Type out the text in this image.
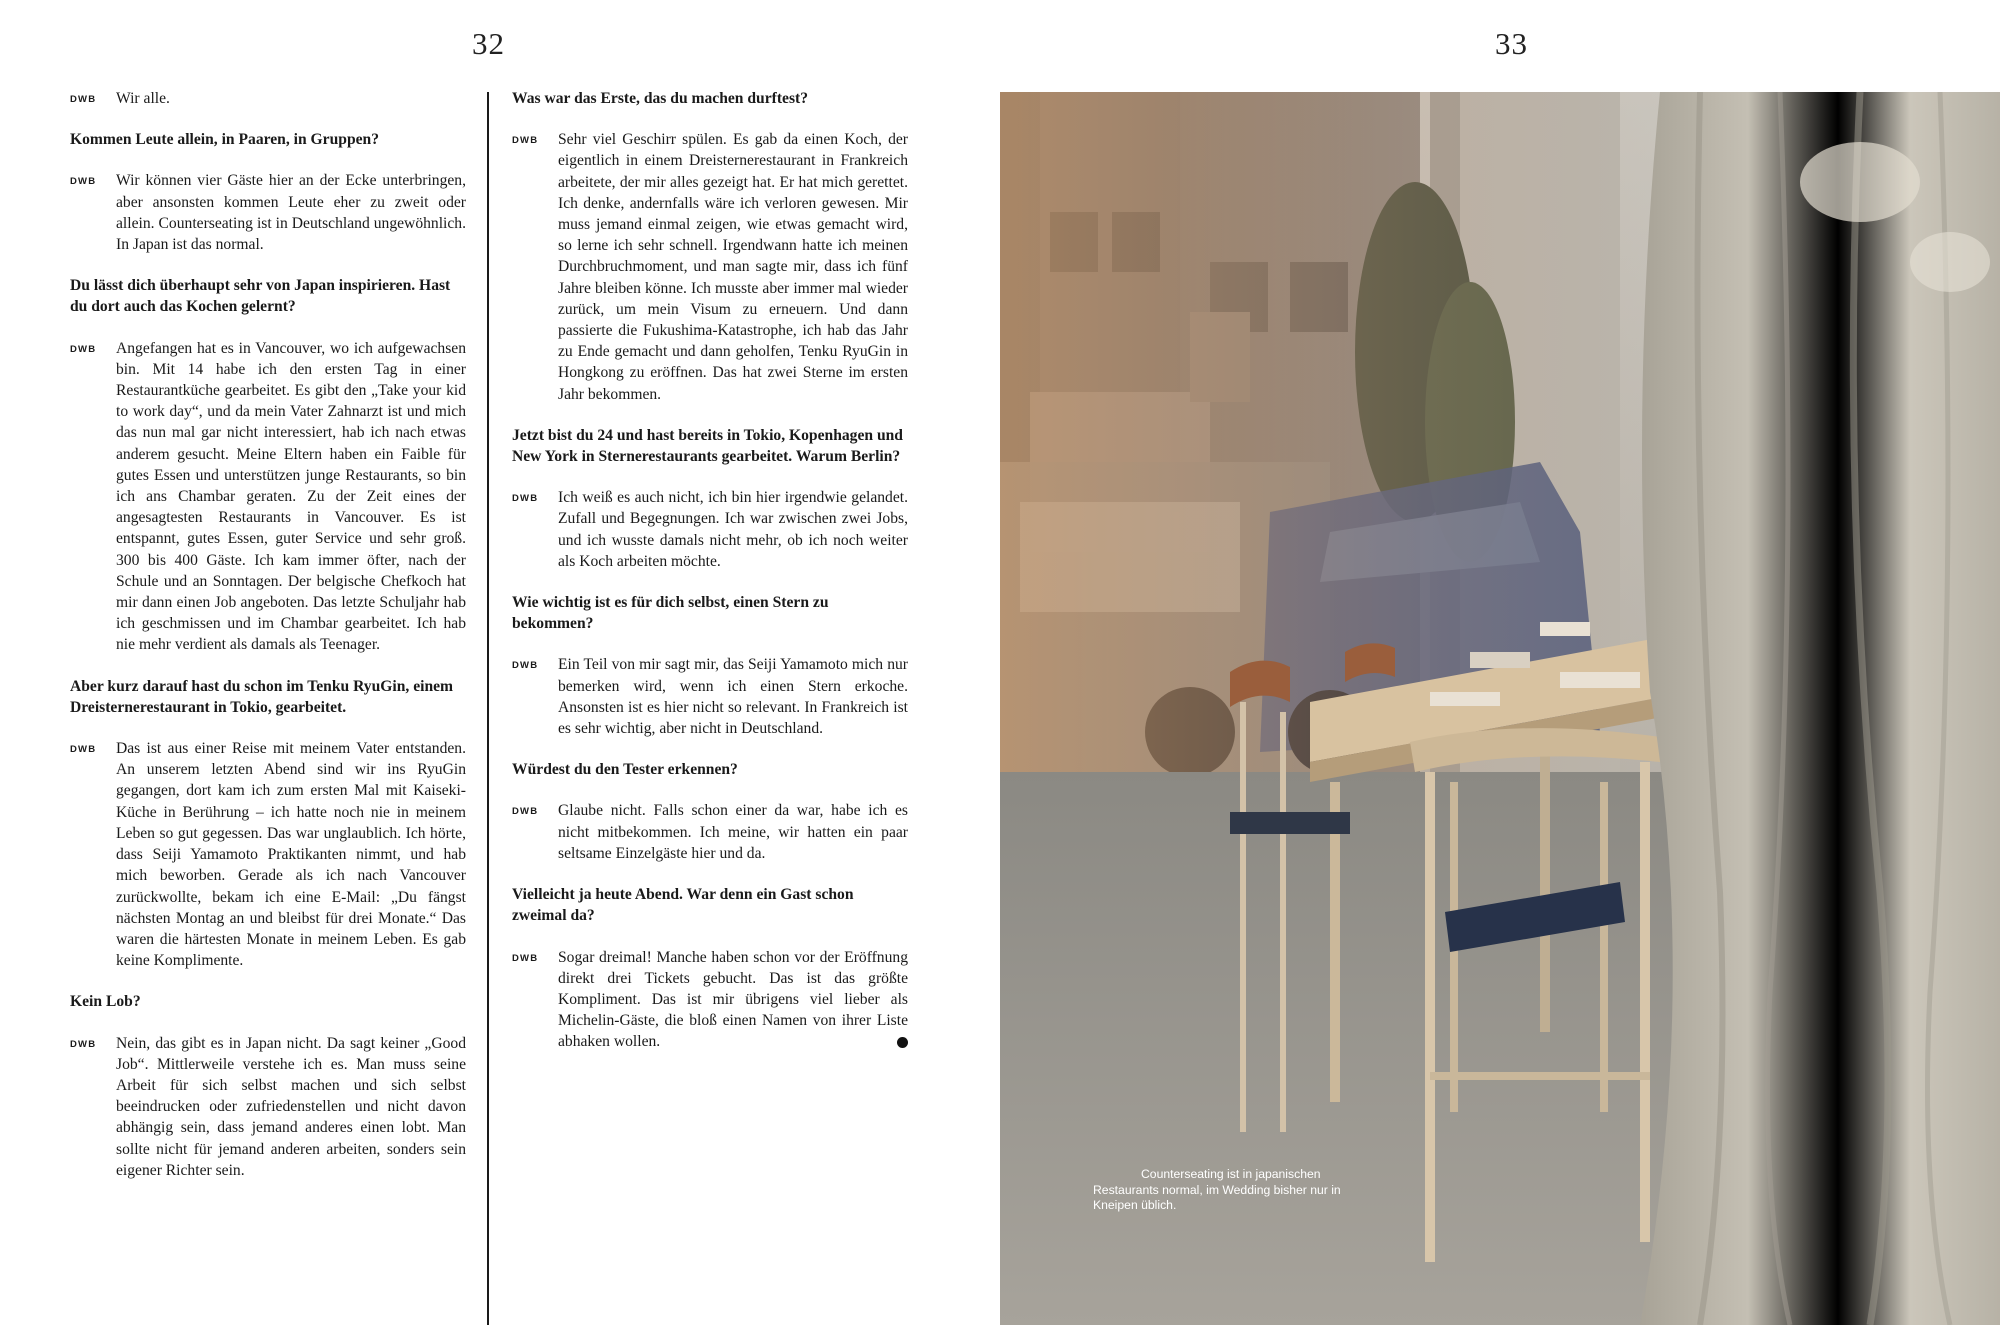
32	33
DWB Wir alle.
Kommen Leute allein, in Paaren, in Gruppen?
DWB Wir können vier Gäste hier an der Ecke unterbringen, aber ansonsten kommen Leute eher zu zweit oder allein. Counterseating ist in Deutschland ungewöhnlich. In Japan ist das normal.
Du lässt dich überhaupt sehr von Japan inspirieren. Hast du dort auch das Kochen gelernt?
DWB Angefangen hat es in Vancouver, wo ich aufgewachsen bin. Mit 14 habe ich den ersten Tag in einer Restaurantküche gearbeitet. Es gibt den „Take your kid to work day“, und da mein Vater Zahnarzt ist und mich das nun mal gar nicht interessiert, hab ich nach etwas anderem gesucht. Meine Eltern haben ein Faible für gutes Essen und unterstützen junge Restaurants, so bin ich ans Chambar geraten. Zu der Zeit eines der angesagtesten Restaurants in Vancouver. Es ist entspannt, gutes Essen, guter Service und sehr groß. 300 bis 400 Gäste. Ich kam immer öfter, nach der Schule und an Sonntagen. Der belgische Chefkoch hat mir dann einen Job angeboten. Das letzte Schuljahr hab ich geschmissen und im Chambar gearbeitet. Ich hab nie mehr verdient als damals als Teenager.
Aber kurz darauf hast du schon im Tenku RyuGin, einem Dreisternerestaurant in Tokio, gearbeitet.
DWB Das ist aus einer Reise mit meinem Vater entstanden. An unserem letzten Abend sind wir ins RyuGin gegangen, dort kam ich zum ersten Mal mit Kaiseki-Küche in Berührung – ich hatte noch nie in meinem Leben so gut gegessen. Das war unglaublich. Ich hörte, dass Seiji Yamamoto Praktikanten nimmt, und hab mich beworben. Gerade als ich nach Vancouver zurückwollte, bekam ich eine E-Mail: „Du fängst nächsten Montag an und bleibst für drei Monate.“ Das waren die härtesten Monate in meinem Leben. Es gab keine Komplimente.
Kein Lob?
DWB Nein, das gibt es in Japan nicht. Da sagt keiner „Good Job“. Mittlerweile verstehe ich es. Man muss seine Arbeit für sich selbst machen und sich selbst beeindrucken oder zufriedenstellen und nicht davon abhängig sein, dass jemand anderes einen lobt. Man sollte nicht für jemand anderen arbeiten, sonders sein eigener Richter sein.
Was war das Erste, das du machen durftest?
DWB Sehr viel Geschirr spülen. Es gab da einen Koch, der eigentlich in einem Dreisternerestaurant in Frankreich arbeitete, der mir alles gezeigt hat. Er hat mich gerettet. Ich denke, andernfalls wäre ich verloren gewesen. Mir muss jemand einmal zeigen, wie etwas gemacht wird, so lerne ich sehr schnell. Irgendwann hatte ich meinen Durchbruchmoment, und man sagte mir, dass ich fünf Jahre bleiben könne. Ich musste aber immer mal wieder zurück, um mein Visum zu erneuern. Und dann passierte die Fukushima-Katastrophe, ich hab das Jahr zu Ende gemacht und dann geholfen, Tenku RyuGin in Hongkong zu eröffnen. Das hat zwei Sterne im ersten Jahr bekommen.
Jetzt bist du 24 und hast bereits in Tokio, Kopenhagen und New York in Sternerestaurants gearbeitet. Warum Berlin?
DWB Ich weiß es auch nicht, ich bin hier irgendwie gelandet. Zufall und Begegnungen. Ich war zwischen zwei Jobs, und ich wusste damals nicht mehr, ob ich noch weiter als Koch arbeiten möchte.
Wie wichtig ist es für dich selbst, einen Stern zu bekommen?
DWB Ein Teil von mir sagt mir, das Seiji Yamamoto mich nur bemerken wird, wenn ich einen Stern erkoche. Ansonsten ist es hier nicht so relevant. In Frankreich ist es sehr wichtig, aber nicht in Deutschland.
Würdest du den Tester erkennen?
DWB Glaube nicht. Falls schon einer da war, habe ich es nicht mitbekommen. Ich meine, wir hatten ein paar seltsame Einzelgäste hier und da.
Vielleicht ja heute Abend. War denn ein Gast schon zweimal da?
DWB Sogar dreimal! Manche haben schon vor der Eröffnung direkt drei Tickets gebucht. Das ist das größte Kompliment. Das ist mir übrigens viel lieber als Michelin-Gäste, die bloß einen Namen von ihrer Liste abhaken wollen.
Counterseating ist in japanischen Restaurants normal, im Wedding bisher nur in Kneipen üblich.
